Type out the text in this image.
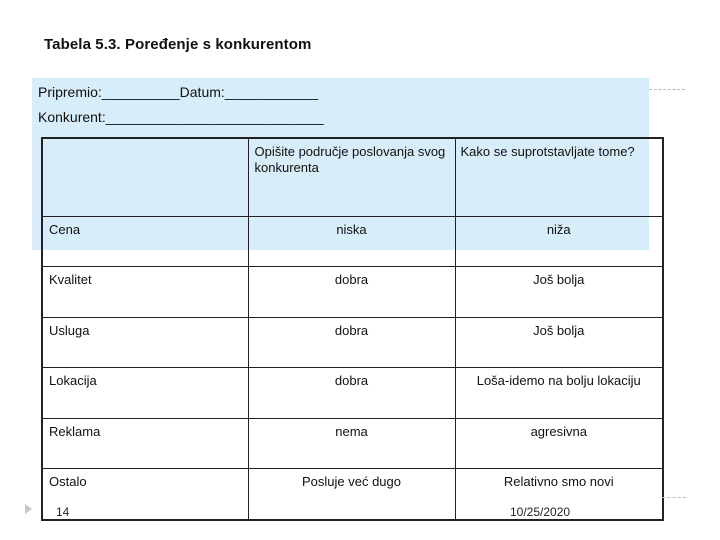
Tabela 5.3. Poređenje s konkurentom
Pripremio:__________Datum:____________
Konkurent:____________________________

	Opišite područje poslovanja svog konkurenta	Kako se suprotstavljate tome?

Cena	niska	niža

Kvalitet	dobra	Još bolja

Usluga	dobra	Još bolja

Lokacija	dobra	Loša-idemo na bolju lokaciju

Reklama	nema	agresivna

Ostalo	Posluje već dugo	Relativno smo novi
14	10/25/2020
